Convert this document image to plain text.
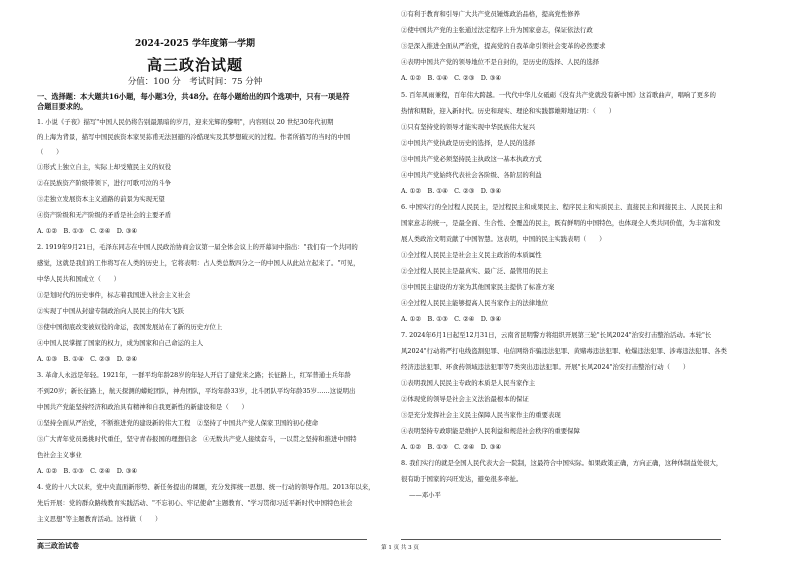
2024-2025 学年度第一学期
高三政治试题
分值：100 分　考试时间：75 分钟
一、选择题：本大题共16小题，每小题3分，共48分。在每小题给出的四个选项中，只有一项是符
合题目要求的。
1. 小说《子夜》描写"中国人民仍将告别最黑暗的岁月，迎来光辉的黎明"，内容则以 20 世纪30年代初期
的上海为背景，描写中国民族资本家吴荪甫无法回避的冷酷现实及其梦想破灭的过程。作者所描写的当时的中国
（　　）
①形式上独立自主，实际上却受殖民主义的奴役
②在民族资产阶级带领下，进行可歌可泣的斗争
③走独立发展资本主义道路的前景为实现无望
④资产阶级和无产阶级的矛盾是社会的主要矛盾
A. ①②　B. ①③　C. ②④　D. ③④
2. 1919年9月21日，毛泽东同志在中国人民政治协商会议第一届全体会议上的开幕词中指出："我们有一个共同的
感觉，这就是我们的工作将写在人类的历史上，它将表明：占人类总数四分之一的中国人从此站立起来了。"可见，
中华人民共和国成立（　　）
①是划时代的历史事件，标志着我国进入社会主义社会
②实现了中国从封建专制政治向人民民主的伟大飞跃
③使中国彻底改变被奴役的命运，我国发展站在了新的历史方位上
④中国人民掌握了国家的权力，成为国家和自己命运的主人
A. ①③　B. ①④　C. ②③　D. ②④
3. 革命人永远是年轻。1921年，一群平均年龄28岁的年轻人开启了建党来之路；长征路上，红军普通士兵年龄
不到20岁；新长征路上，航天探测的蟒蛇团队，神舟团队，平均年龄33岁，北斗团队平均年龄35岁……这说明出
中国共产党能坚持经济和政治具有精神和自我更新性的新建设和是（　　）
①坚持全面从严治党，不断推进党的建设新的伟大工程　②坚持了中国共产党人保家卫国的初心使命
③广大青年党员勇挑时代重任，坚守青春报国的理想信念　④无数共产党人接续奋斗，一以贯之坚持和推进中国特
色社会主义事业
A. ①②　B. ①③　C. ②④　D. ③④
4. 党的十八大以来，党中央直面新形势、新任务提出的课题，充分发挥统一思想、统一行动的领导作用。2013年以来，
先后开展：党的群众路线教育实践活动、"不忘初心、牢记使命"主题教育、"学习贯彻习近平新时代中国特色社会
主义思想"等主题教育活动。这样做（　　）
高三政治试卷
①有利于教育和引导广大共产党员锤炼政治品格，提高党性修养
②使中国共产党的主张通过法定程序上升为国家意志，保证依法行政
③是深入推进全面从严治党，提高党的自我革命引领社会变革的必然要求
④表明中国共产党的领导地位不是自封的，是历史的选择、人民的选择
A. ①②　B. ①④　C. ②③　D. ③④
5. 百年风雨兼程，百年伟大跨越。一代代中华儿女砥砺《没有共产党就没有新中国》这首歌曲声，唱响了更多的
热情和期盼，迎入新时代。历史和现实、理论和实践都雄辩地证明：（　　）
①只有坚持党的领导才能实现中华民族伟大复兴
②中国共产党执政是历史的选择，是人民的选择
③中国共产党必须坚持民主执政这一基本执政方式
④中国共产党始终代表社会各阶级、各阶层的利益
A. ①②　B. ①④　C. ②③　D. ③④
6. 中国实行的全过程人民民主，是过程民主和成果民主、程序民主和实质民主、直接民主和间接民主、人民民主和
国家意志的统一，是最全面、生合性、全覆盖的民主，既有鲜明的中国特色，也体现全人类共同价值，为丰富和发
展人类政治文明贡献了中国智慧。这表明，中国的民主实践表明（　　）
①全过程人民民主是社会主义民主政治的本质属性
②全过程人民民主是最真实、最广泛、最管用的民主
③中国民主建设的方案为其他国家民主提供了标准方案
④全过程人民民主能够提高人民当家作主的法律地位
A. ①②　B. ①③　C. ②④　D. ③④
7. 2024年6月1日起至12月31日，云南省昆明警方将组织开展第三轮"长风2024"治安打击整治活动。本轮"长
风2024"行动将严打电线盗割犯罪、电信网络诈骗违法犯罪、黄赌毒违法犯罪、枪爆违法犯罪、涉毒违法犯罪、各类
经济违法犯罪、环食药领域违法犯罪等7类突出违法犯罪。开展"长风2024"治安打击整治行动（　　）
①表明我国人民民主专政的本质是人民当家作主
②体现党的领导是社会主义法治最根本的保证
③是充分发挥社会主义民主保障人民当家作主的重要表现
④表明坚持专政职能是维护人民利益和规范社会秩序的重要保障
A. ①②　B. ①③　C. ②④　D. ③④
8. 我们实行的就是全国人民代表大会一院制，这最符合中国实际。如果政策正确，方向正确，这种体制益处很大，
很有助于国家的兴旺发达，避免很多牵扯。
——邓小平
第 1 页 共 3 页
